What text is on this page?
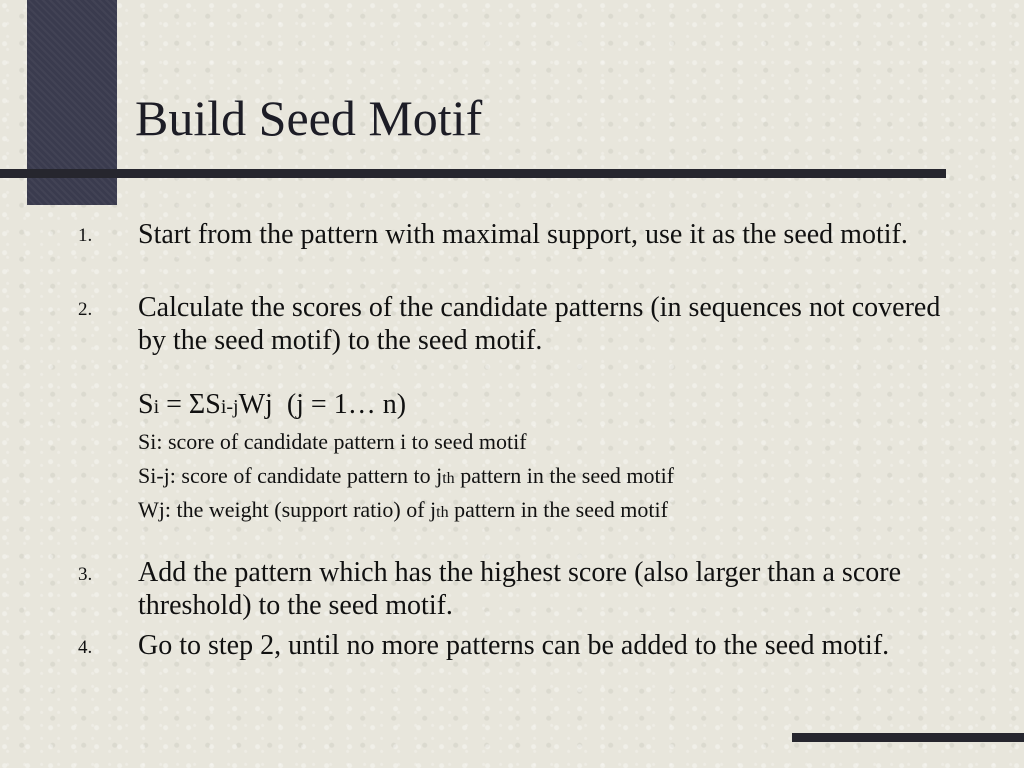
Build Seed Motif
1. Start from the pattern with maximal support, use it as the seed motif.
2. Calculate the scores of the candidate patterns (in sequences not covered by the seed motif) to the seed motif.
Si = ΣSi-jWj (j = 1… n)
Si: score of candidate pattern i to seed motif
Si-j: score of candidate pattern to jth pattern in the seed motif
Wj: the weight (support ratio) of jth pattern in the seed motif
3. Add the pattern which has the highest score (also larger than a score threshold) to the seed motif.
4. Go to step 2, until no more patterns can be added to the seed motif.
